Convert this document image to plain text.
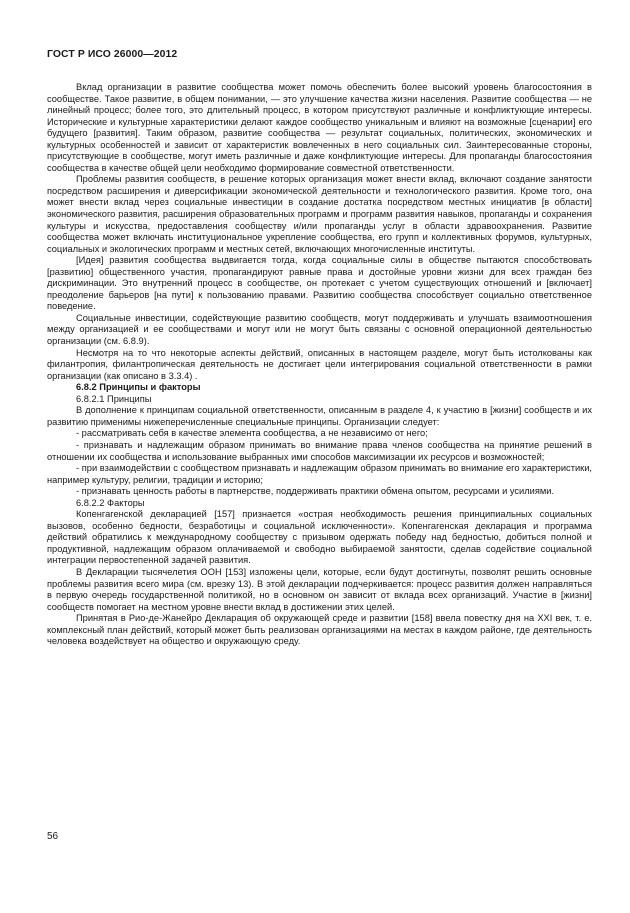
ГОСТ Р ИСО 26000—2012

Вклад организации в развитие сообщества может помочь обеспечить более высокий уровень благосостояния в сообществе. Такое развитие, в общем понимании, — это улучшение качества жизни населения. Развитие сообщества — не линейный процесс; более того, это длительный процесс, в котором присутствуют различные и конфликтующие интересы. Исторические и культурные характеристики делают каждое сообщество уникальным и влияют на возможные [сценарии] его будущего [развития]. Таким образом, развитие сообщества — результат социальных, политических, экономических и культурных особенностей и зависит от характеристик вовлеченных в него социальных сил. Заинтересованные стороны, присутствующие в сообществе, могут иметь различные и даже конфликтующие интересы. Для пропаганды благосостояния сообщества в качестве общей цели необходимо формирование совместной ответственности.

Проблемы развития сообществ, в решение которых организация может внести вклад, включают создание занятости посредством расширения и диверсификации экономической деятельности и технологического развития. Кроме того, она может внести вклад через социальные инвестиции в создание достатка посредством местных инициатив [в области] экономического развития, расширения образовательных программ и программ развития навыков, пропаганды и сохранения культуры и искусства, предоставления сообществу и/или пропаганды услуг в области здравоохранения. Развитие сообщества может включать институциональное укрепление сообщества, его групп и коллективных форумов, культурных, социальных и экологических программ и местных сетей, включающих многочисленные институты.

[Идея] развития сообщества выдвигается тогда, когда социальные силы в обществе пытаются способствовать [развитию] общественного участия, пропагандируют равные права и достойные уровни жизни для всех граждан без дискриминации. Это внутренний процесс в сообществе, он протекает с учетом существующих отношений и [включает] преодоление барьеров [на пути] к пользованию правами. Развитию сообщества способствует социально ответственное поведение.

Социальные инвестиции, содействующие развитию сообществ, могут поддерживать и улучшать взаимоотношения между организацией и ее сообществами и могут или не могут быть связаны с основной операционной деятельностью организации (см. 6.8.9).

Несмотря на то что некоторые аспекты действий, описанных в настоящем разделе, могут быть истолкованы как филантропия, филантропическая деятельность не достигает цели интегрирования социальной ответственности в рамки организации (как описано в 3.3.4) .

6.8.2 Принципы и факторы

6.8.2.1 Принципы

В дополнение к принципам социальной ответственности, описанным в разделе 4, к участию в [жизни] сообществ и их развитию применимы нижеперечисленные специальные принципы. Организации следует:

- рассматривать себя в качестве элемента сообщества, а не независимо от него;

- признавать и надлежащим образом принимать во внимание права членов сообщества на принятие решений в отношении их сообщества и использование выбранных ими способов максимизации их ресурсов и возможностей;

- при взаимодействии с сообществом признавать и надлежащим образом принимать во внимание его характеристики, например культуру, религии, традиции и историю;

- признавать ценность работы в партнерстве, поддерживать практики обмена опытом, ресурсами и усилиями.

6.8.2.2 Факторы

Копенгагенской декларацией [157] признается «острая необходимость решения принципиальных социальных вызовов, особенно бедности, безработицы и социальной исключенности». Копенгагенская декларация и программа действий обратились к международному сообществу с призывом одержать победу над бедностью, добиться полной и продуктивной, надлежащим образом оплачиваемой и свободно выбираемой занятости, сделав содействие социальной интеграции первостепенной задачей развития.

В Декларации тысячелетия ООН [153] изложены цели, которые, если будут достигнуты, позволят решить основные проблемы развития всего мира (см. врезку 13). В этой декларации подчеркивается: процесс развития должен направляться в первую очередь государственной политикой, но в основном он зависит от вклада всех организаций. Участие в [жизни] сообществ помогает на местном уровне внести вклад в достижении этих целей.

Принятая в Рио-де-Жанейро Декларация об окружающей среде и развитии [158] ввела повестку дня на XXI век, т. е. комплексный план действий, который может быть реализован организациями на местах в каждом районе, где деятельность человека воздействует на общество и окружающую среду.

56
